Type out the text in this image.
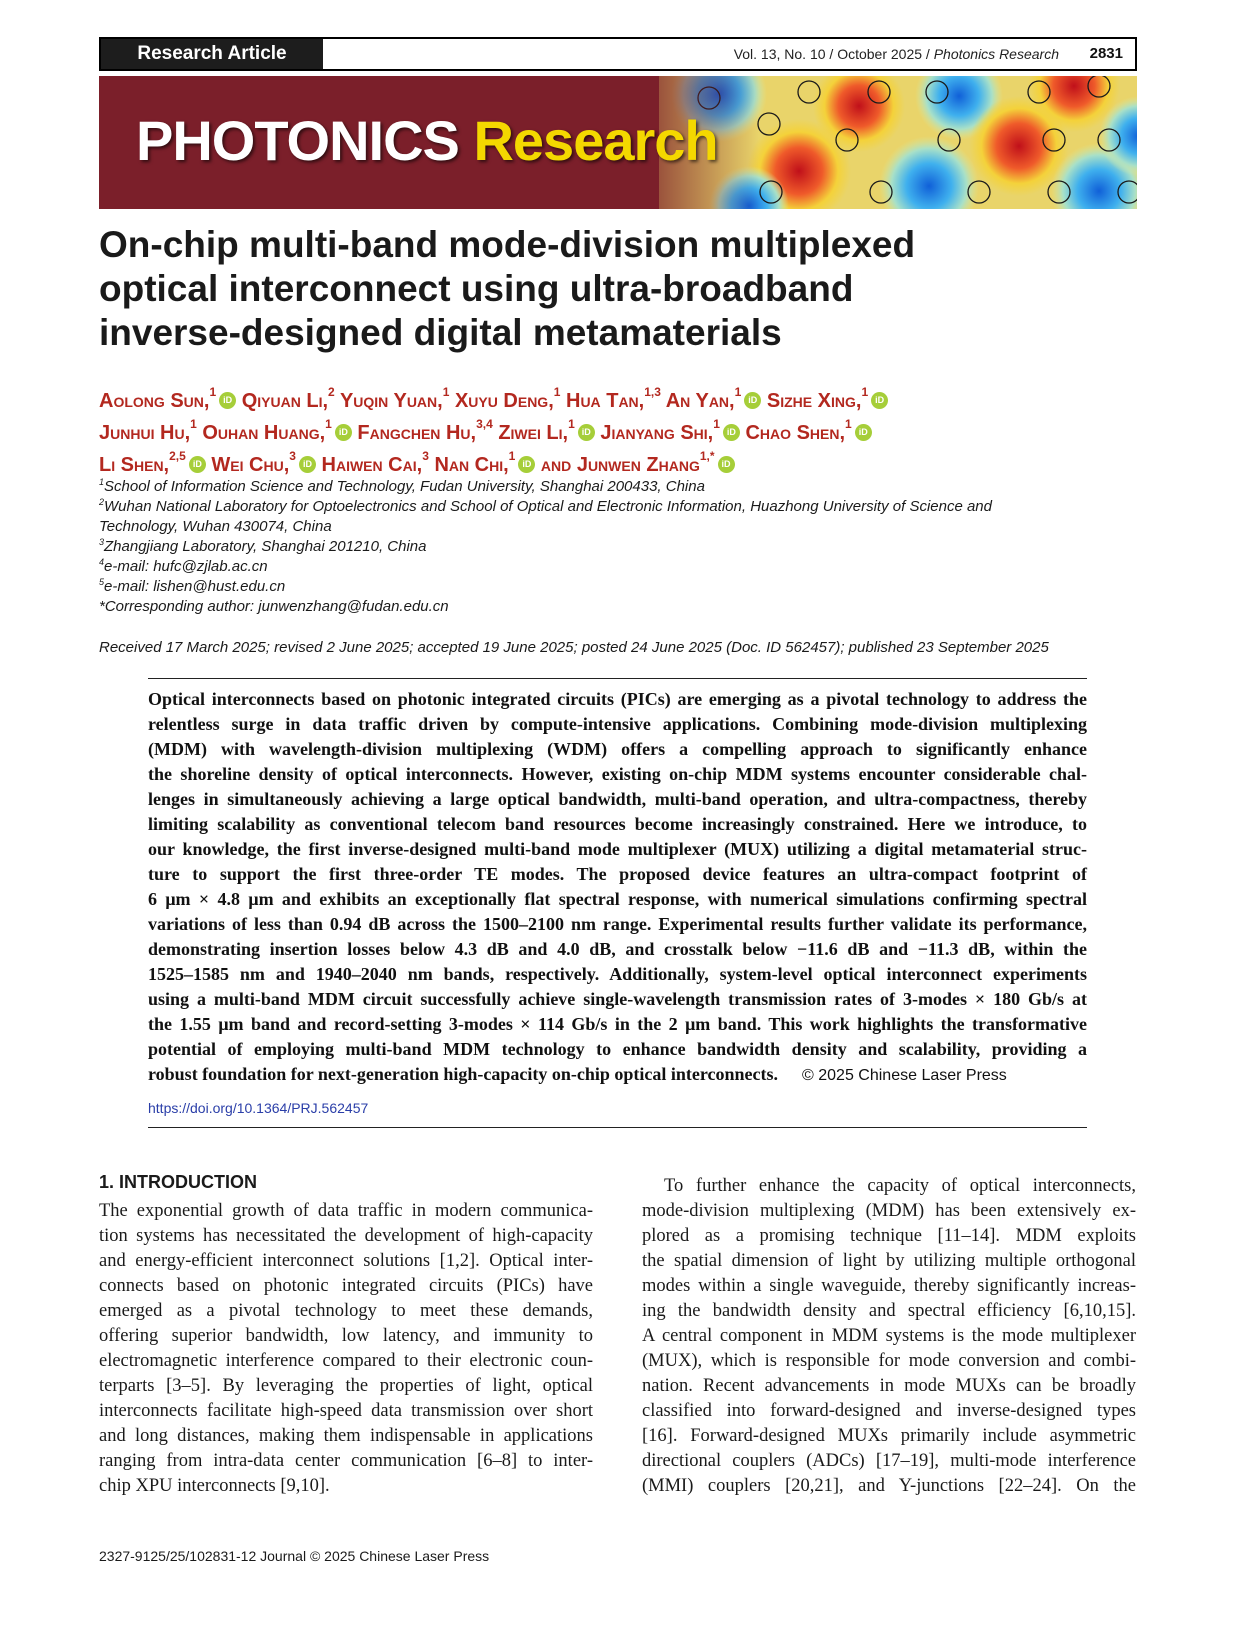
Research Article	Vol. 13, No. 10 / October 2025 / Photonics Research 2831
PHOTONICS Research
On-chip multi-band mode-division multiplexed
optical interconnect using ultra-broadband
inverse-designed digital metamaterials
Aolong Sun,$^1$ iD Qiyuan Li,$^2$ Yuqin Yuan,$^1$ Xuyu Deng,$^1$ Hua Tan,$^{1,3}$ An Yan,$^1$ iD Sizhe Xing,$^1$iD
Junhui Hu,$^1$ Ouhan Huang,$^1$ iD Fangchen Hu,$^{3,4}$ Ziwei Li,$^1$ iD Jianyang Shi,$^1$ iD Chao Shen,$^1$iD
Li Shen,$^{2,5}$ iD Wei Chu,$^3$ iD Haiwen Cai,$^3$ Nan Chi,$^1$ iD and Junwen Zhang$^{1,*}$iD
$^1$School of Information Science and Technology, Fudan University, Shanghai 200433, China
$^2$Wuhan National Laboratory for Optoelectronics and School of Optical and Electronic Information, Huazhong University of Science and
Technology, Wuhan 430074, China
$^3$Zhangjiang Laboratory, Shanghai 201210, China
$^4$e-mail: hufc@zjlab.ac.cn
$^5$e-mail: lishen@hust.edu.cn
*Corresponding author: junwenzhang@fudan.edu.cn
Received 17 March 2025; revised 2 June 2025; accepted 19 June 2025; posted 24 June 2025 (Doc. ID 562457); published 23 September 2025
Optical interconnects based on photonic integrated circuits (PICs) are emerging as a pivotal technology to address the
relentless surge in data traffic driven by compute-intensive applications. Combining mode-division multiplexing
(MDM) with wavelength-division multiplexing (WDM) offers a compelling approach to significantly enhance
the shoreline density of optical interconnects. However, existing on-chip MDM systems encounter considerable chal-
lenges in simultaneously achieving a large optical bandwidth, multi-band operation, and ultra-compactness, thereby
limiting scalability as conventional telecom band resources become increasingly constrained. Here we introduce, to
our knowledge, the first inverse-designed multi-band mode multiplexer (MUX) utilizing a digital metamaterial struc-
ture to support the first three-order TE modes. The proposed device features an ultra-compact footprint of
6 μm × 4.8 μm and exhibits an exceptionally flat spectral response, with numerical simulations confirming spectral
variations of less than 0.94 dB across the 1500–2100 nm range. Experimental results further validate its performance,
demonstrating insertion losses below 4.3 dB and 4.0 dB, and crosstalk below −11.6 dB and −11.3 dB, within the
1525–1585 nm and 1940–2040 nm bands, respectively. Additionally, system-level optical interconnect experiments
using a multi-band MDM circuit successfully achieve single-wavelength transmission rates of 3-modes × 180 Gb/s at
the 1.55 μm band and record-setting 3-modes × 114 Gb/s in the 2 μm band. This work highlights the transformative
potential of employing multi-band MDM technology to enhance bandwidth density and scalability, providing a
robust foundation for next-generation high-capacity on-chip optical interconnects. © 2025 Chinese Laser Press
https://doi.org/10.1364/PRJ.562457
1. INTRODUCTION
The exponential growth of data traffic in modern communica-
tion systems has necessitated the development of high-capacity
and energy-efficient interconnect solutions [1,2]. Optical inter-
connects based on photonic integrated circuits (PICs) have
emerged as a pivotal technology to meet these demands,
offering superior bandwidth, low latency, and immunity to
electromagnetic interference compared to their electronic coun-
terparts [3–5]. By leveraging the properties of light, optical
interconnects facilitate high-speed data transmission over short
and long distances, making them indispensable in applications
ranging from intra-data center communication [6–8] to inter-
chip XPU interconnects [9,10].
To further enhance the capacity of optical interconnects,
mode-division multiplexing (MDM) has been extensively ex-
plored as a promising technique [11–14]. MDM exploits
the spatial dimension of light by utilizing multiple orthogonal
modes within a single waveguide, thereby significantly increas-
ing the bandwidth density and spectral efficiency [6,10,15].
A central component in MDM systems is the mode multiplexer
(MUX), which is responsible for mode conversion and combi-
nation. Recent advancements in mode MUXs can be broadly
classified into forward-designed and inverse-designed types
[16]. Forward-designed MUXs primarily include asymmetric
directional couplers (ADCs) [17–19], multi-mode interference
(MMI) couplers [20,21], and Y-junctions [22–24]. On the
2327-9125/25/102831-12 Journal © 2025 Chinese Laser Press
